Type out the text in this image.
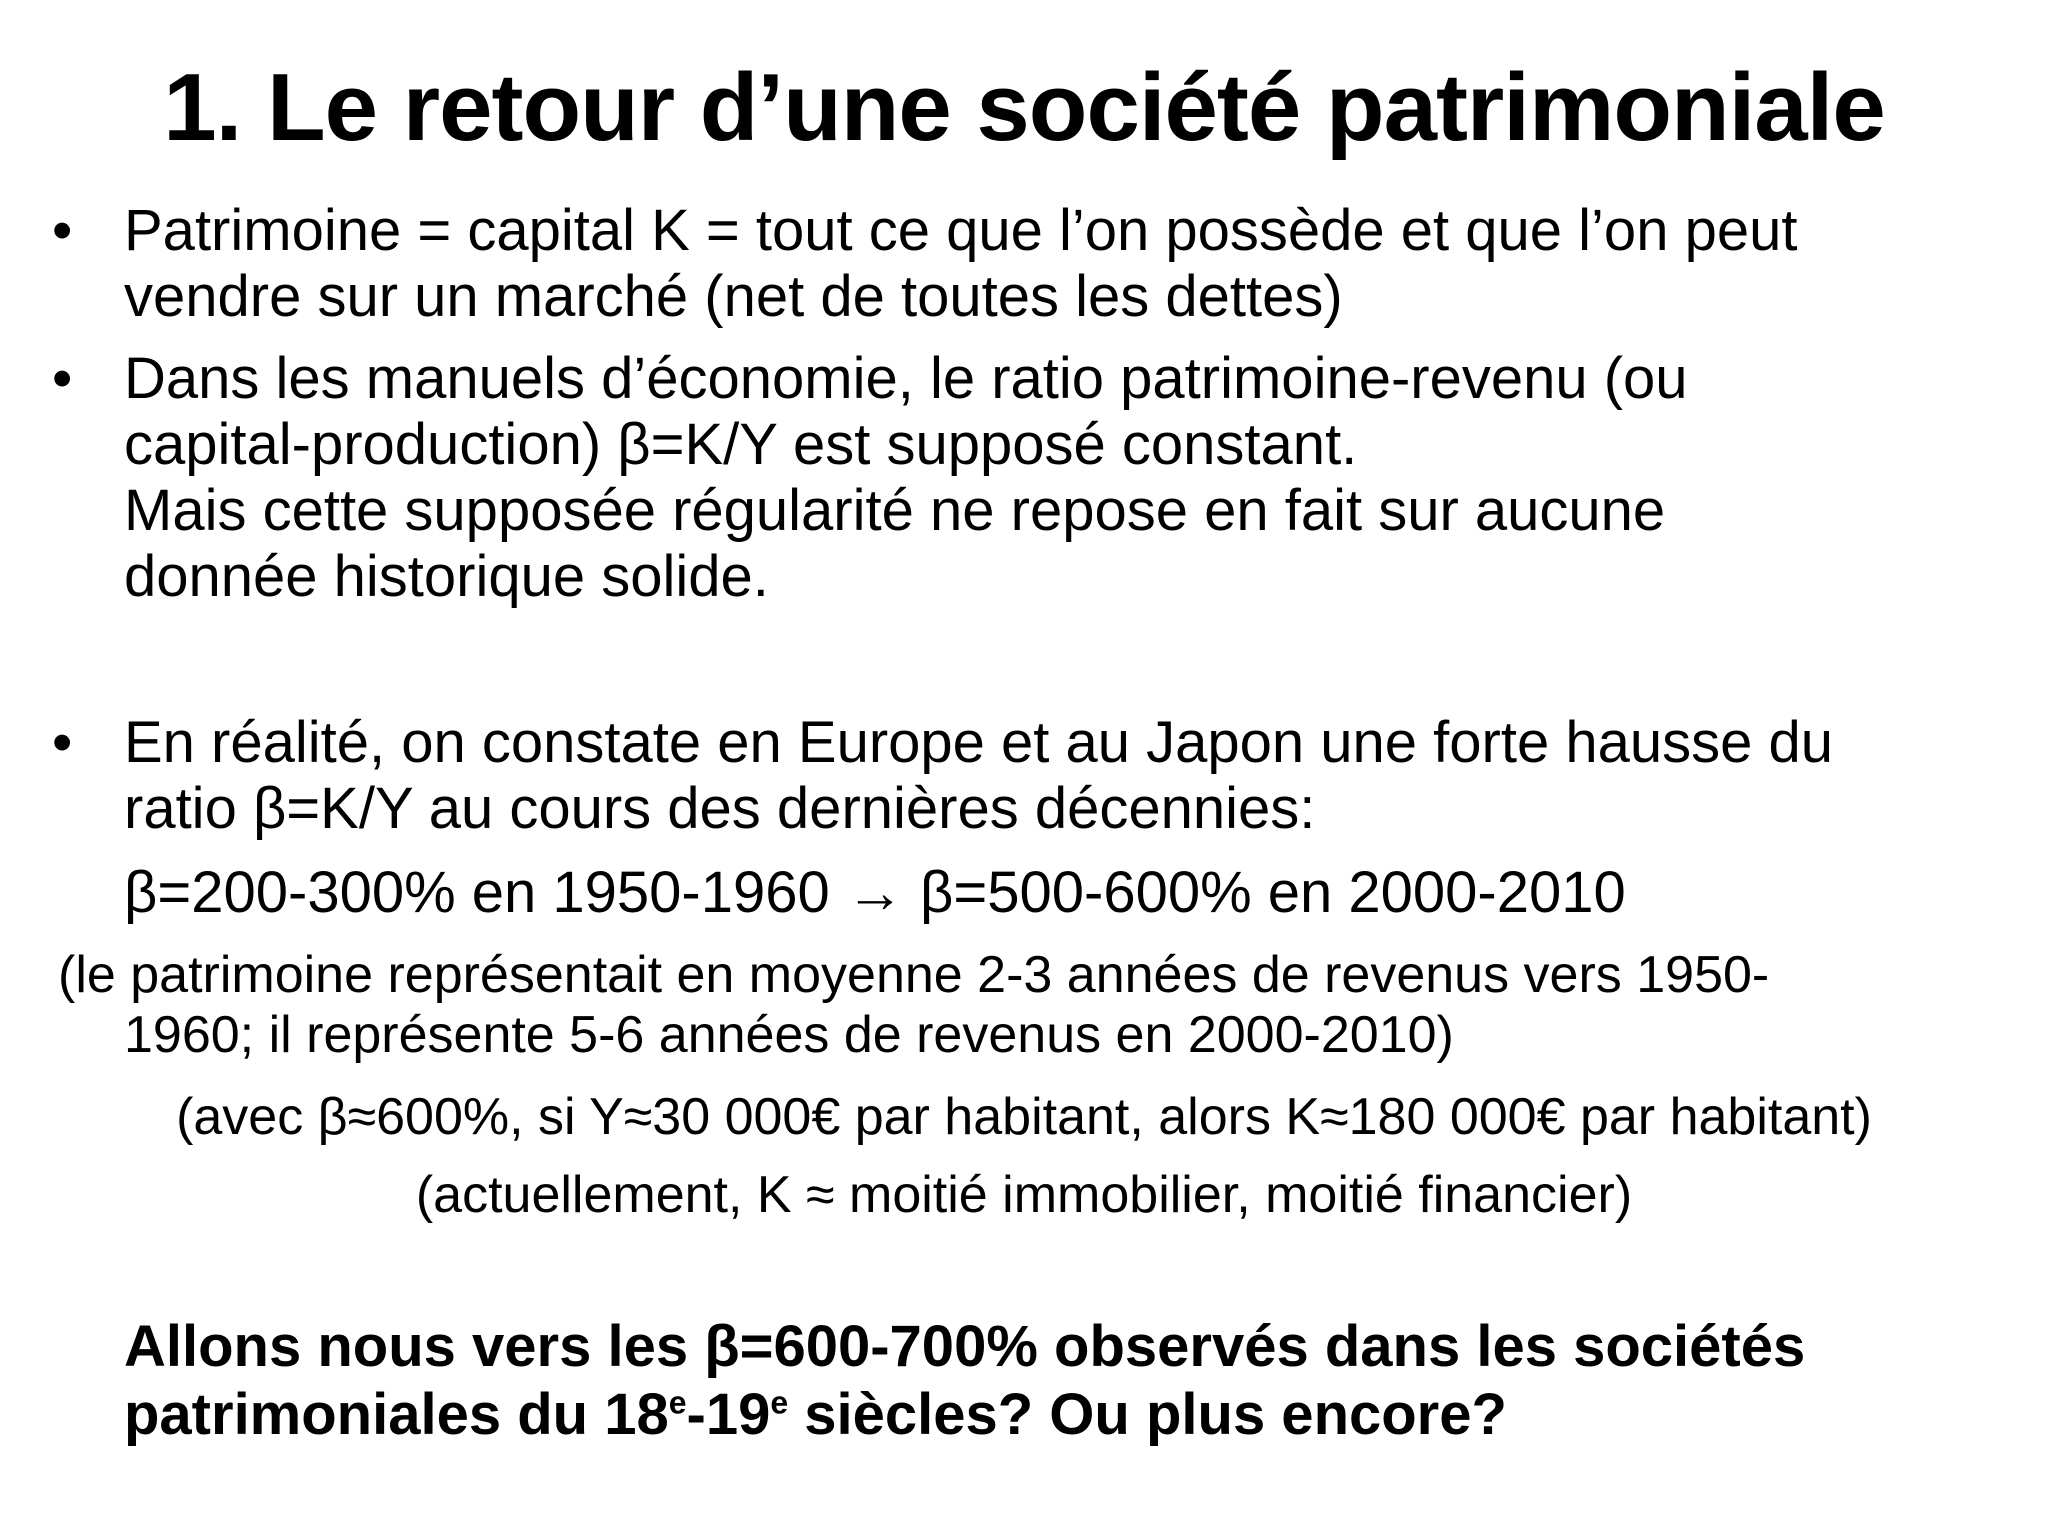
1. Le retour d’une société patrimoniale
• Patrimoine = capital K = tout ce que l’on possède et que l’on peut
vendre sur un marché (net de toutes les dettes)
• Dans les manuels d’économie, le ratio patrimoine-revenu (ou
capital-production) β=K/Y est supposé constant.
Mais cette supposée régularité ne repose en fait sur aucune
donnée historique solide.
• En réalité, on constate en Europe et au Japon une forte hausse du
ratio β=K/Y au cours des dernières décennies:
β=200-300% en 1950-1960 → β=500-600% en 2000-2010
(le patrimoine représentait en moyenne 2-3 années de revenus vers 1950-
1960; il représente 5-6 années de revenus en 2000-2010)
(avec β≈600%, si Y≈30 000€ par habitant, alors K≈180 000€ par habitant)
(actuellement, K ≈ moitié immobilier, moitié financier)
Allons nous vers les β=600-700% observés dans les sociétés
patrimoniales du 18e-19e siècles? Ou plus encore?
